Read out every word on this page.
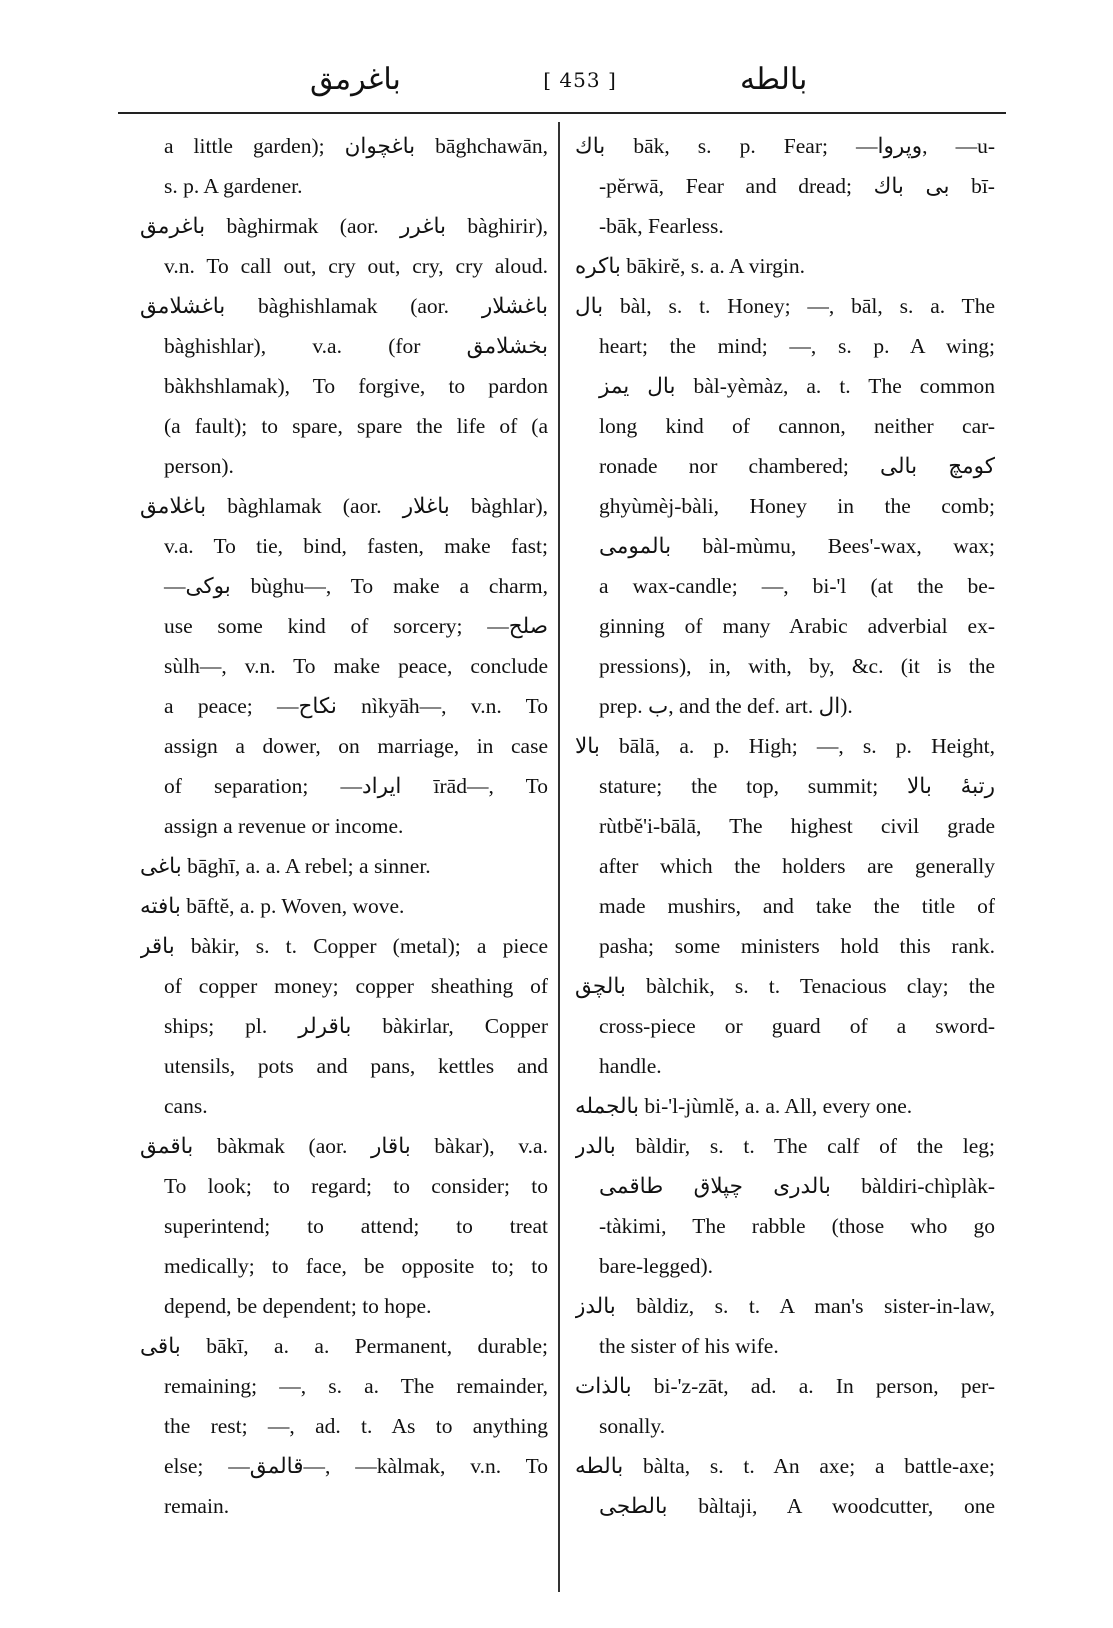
باغرمق	[ 453 ]	بالطه
a little garden); باغچوان bāghchawān,
s. p. A gardener.
باغرمق bàghirmak (aor. باغرر bàghirir),
v.n. To call out, cry out, cry, cry aloud.
باغشلامق bàghishlamak (aor. باغشلار
bàghishlar), v.a. (for بخشلامق
bàkhshlamak), To forgive, to pardon
(a fault); to spare, spare the life of (a
person).
باغلامق bàghlamak (aor. باغلار bàghlar),
v.a. To tie, bind, fasten, make fast;
—بوکی bùghu—, To make a charm,
use some kind of sorcery; —صلح
sùlh—, v.n. To make peace, conclude
a peace; —نکاح nìkyāh—, v.n. To
assign a dower, on marriage, in case
of separation; —ایراد īrād—, To
assign a revenue or income.
باغی bāghī, a. a. A rebel; a sinner.
بافته bāftĕ, a. p. Woven, wove.
باقر bàkir, s. t. Copper (metal); a piece
of copper money; copper sheathing of
ships; pl. باقرلر bàkirlar, Copper
utensils, pots and pans, kettles and
cans.
باقمق bàkmak (aor. باقار bàkar), v.a.
To look; to regard; to consider; to
superintend; to attend; to treat
medically; to face, be opposite to; to
depend, be dependent; to hope.
باقی bākī, a. a. Permanent, durable;
remaining; —, s. a. The remainder,
the rest; —, ad. t. As to anything
else; —قالمق—, —kàlmak, v.n. To
remain.
باك bāk, s. p. Fear; —وپروا, —u-
-pĕrwā, Fear and dread; بی باك bī-
-bāk, Fearless.
باکره bākirĕ, s. a. A virgin.
بال bàl, s. t. Honey; —, bāl, s. a. The
heart; the mind; —, s. p. A wing;
بال یمز bàl-yèmàz, a. t. The common
long kind of cannon, neither car-
ronade nor chambered; کومچ بالی
ghyùmèj-bàli, Honey in the comb;
بالمومی bàl-mùmu, Bees'-wax, wax;
a wax-candle; —, bi-'l (at the be-
ginning of many Arabic adverbial ex-
pressions), in, with, by, &c. (it is the
prep. ب, and the def. art. ال).
بالا bālā, a. p. High; —, s. p. Height,
stature; the top, summit; رتبهٔ بالا
rùtbĕ'i-bālā, The highest civil grade
after which the holders are generally
made mushirs, and take the title of
pasha; some ministers hold this rank.
بالچق bàlchik, s. t. Tenacious clay; the
cross-piece or guard of a sword-
handle.
بالجمله bi-'l-jùmlĕ, a. a. All, every one.
بالدر bàldir, s. t. The calf of the leg;
بالدری چپلاق طاقمی bàldiri-chìplàk-
-tàkimi, The rabble (those who go
bare-legged).
بالدز bàldiz, s. t. A man's sister-in-law,
the sister of his wife.
بالذات bi-'z-zāt, ad. a. In person, per-
sonally.
بالطه bàlta, s. t. An axe; a battle-axe;
بالطجی bàltaji, A woodcutter, one
